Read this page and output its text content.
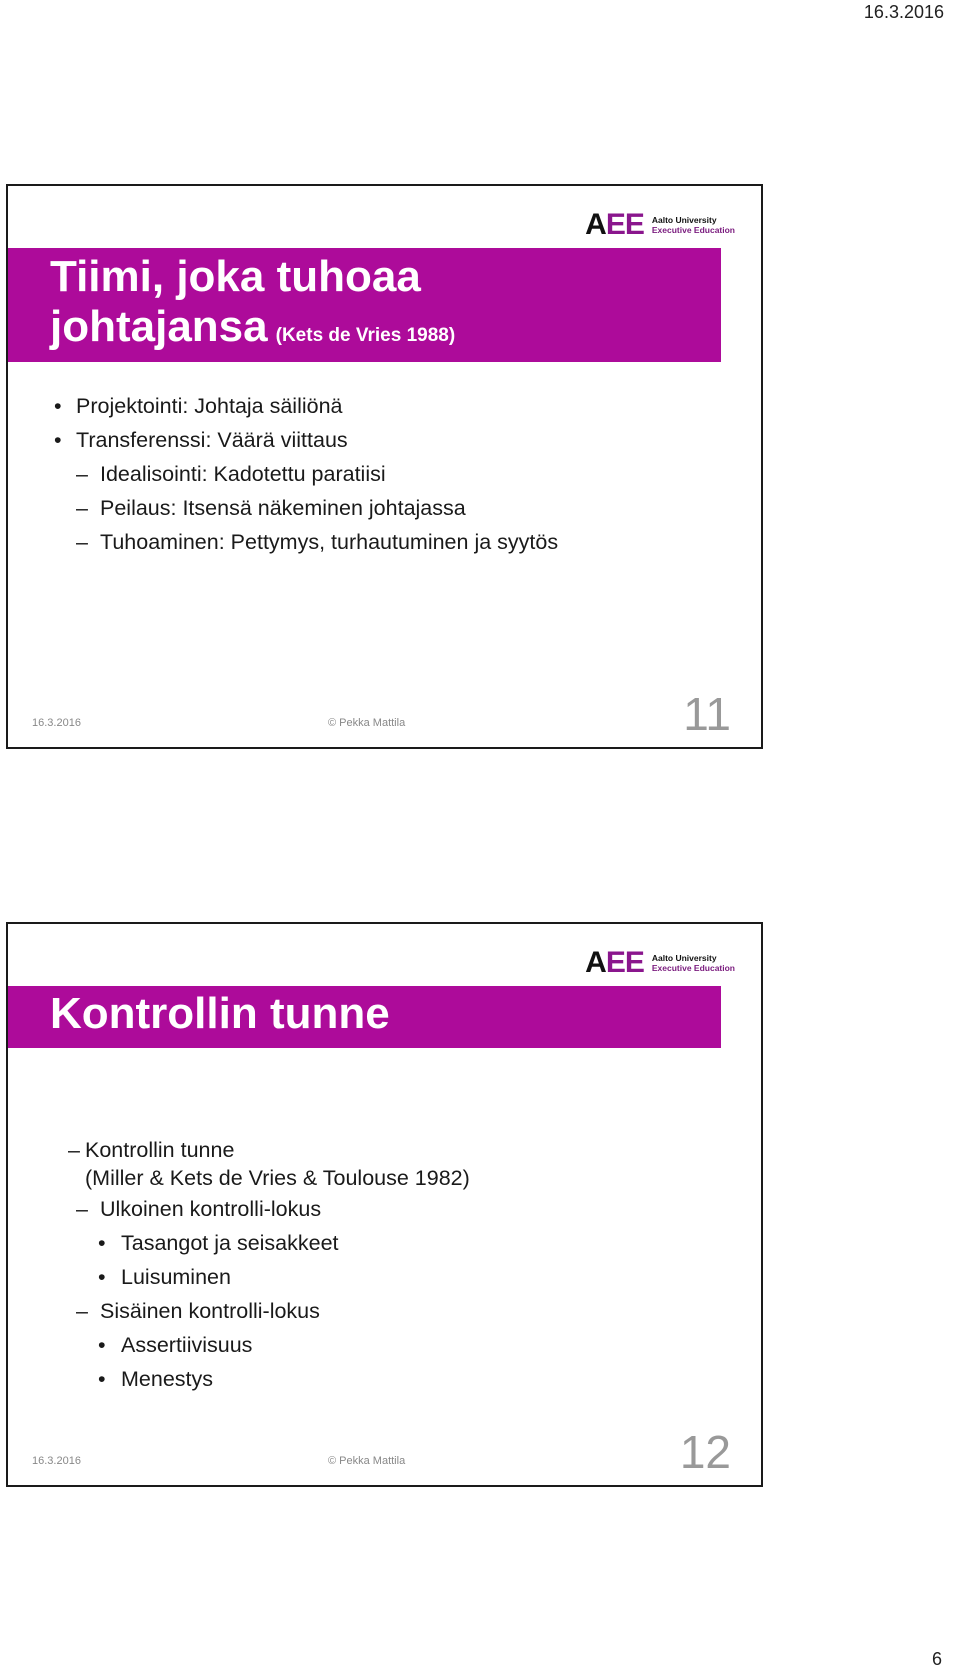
16.3.2016
AEE Aalto University
Executive Education
Tiimi, joka tuhoaa
johtajansa (Kets de Vries 1988)
• Projektointi: Johtaja säiliönä
• Transferenssi: Väärä viittaus
– Idealisointi: Kadotettu paratiisi
– Peilaus: Itsensä näkeminen johtajassa
– Tuhoaminen: Pettymys, turhautuminen ja syytös
16.3.2016	© Pekka Mattila	11
AEE Aalto University
Executive Education
Kontrollin tunne
– Kontrollin tunne
(Miller & Kets de Vries & Toulouse 1982)
– Ulkoinen kontrolli-lokus
• Tasangot ja seisakkeet
• Luisuminen
– Sisäinen kontrolli-lokus
• Assertiivisuus
• Menestys
16.3.2016	© Pekka Mattila	12
6
